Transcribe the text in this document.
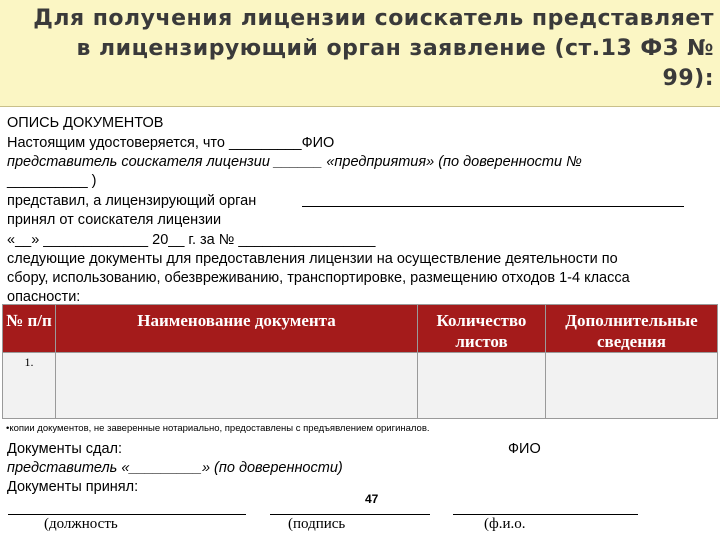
Для получения лицензии соискатель представляет
в лицензирующий орган заявление (ст.13 ФЗ №
99):
ОПИСЬ ДОКУМЕНТОВ
Настоящим удостоверяется, что _________ФИО
представитель соискателя лицензии ______ «предприятия» (по доверенности №
__________ )
представил, а лицензирующий орган
принял от соискателя лицензии
«__» _____________ 20__ г. за № _________________
следующие документы для предоставления лицензии на осуществление деятельности по
сбору, использованию, обезвреживанию, транспортировке, размещению отходов 1-4 класса
опасности:
№ п/п	Наименование документа	Количество листов	Дополнительные сведения
1.			
•копии документов, не заверенные нотариально, предоставлены с предъявлением оригиналов.
Документы сдал:	ФИО
представитель «_________» (по доверенности)
Документы принял:
47
(должность	(подпись	(ф.и.о.
